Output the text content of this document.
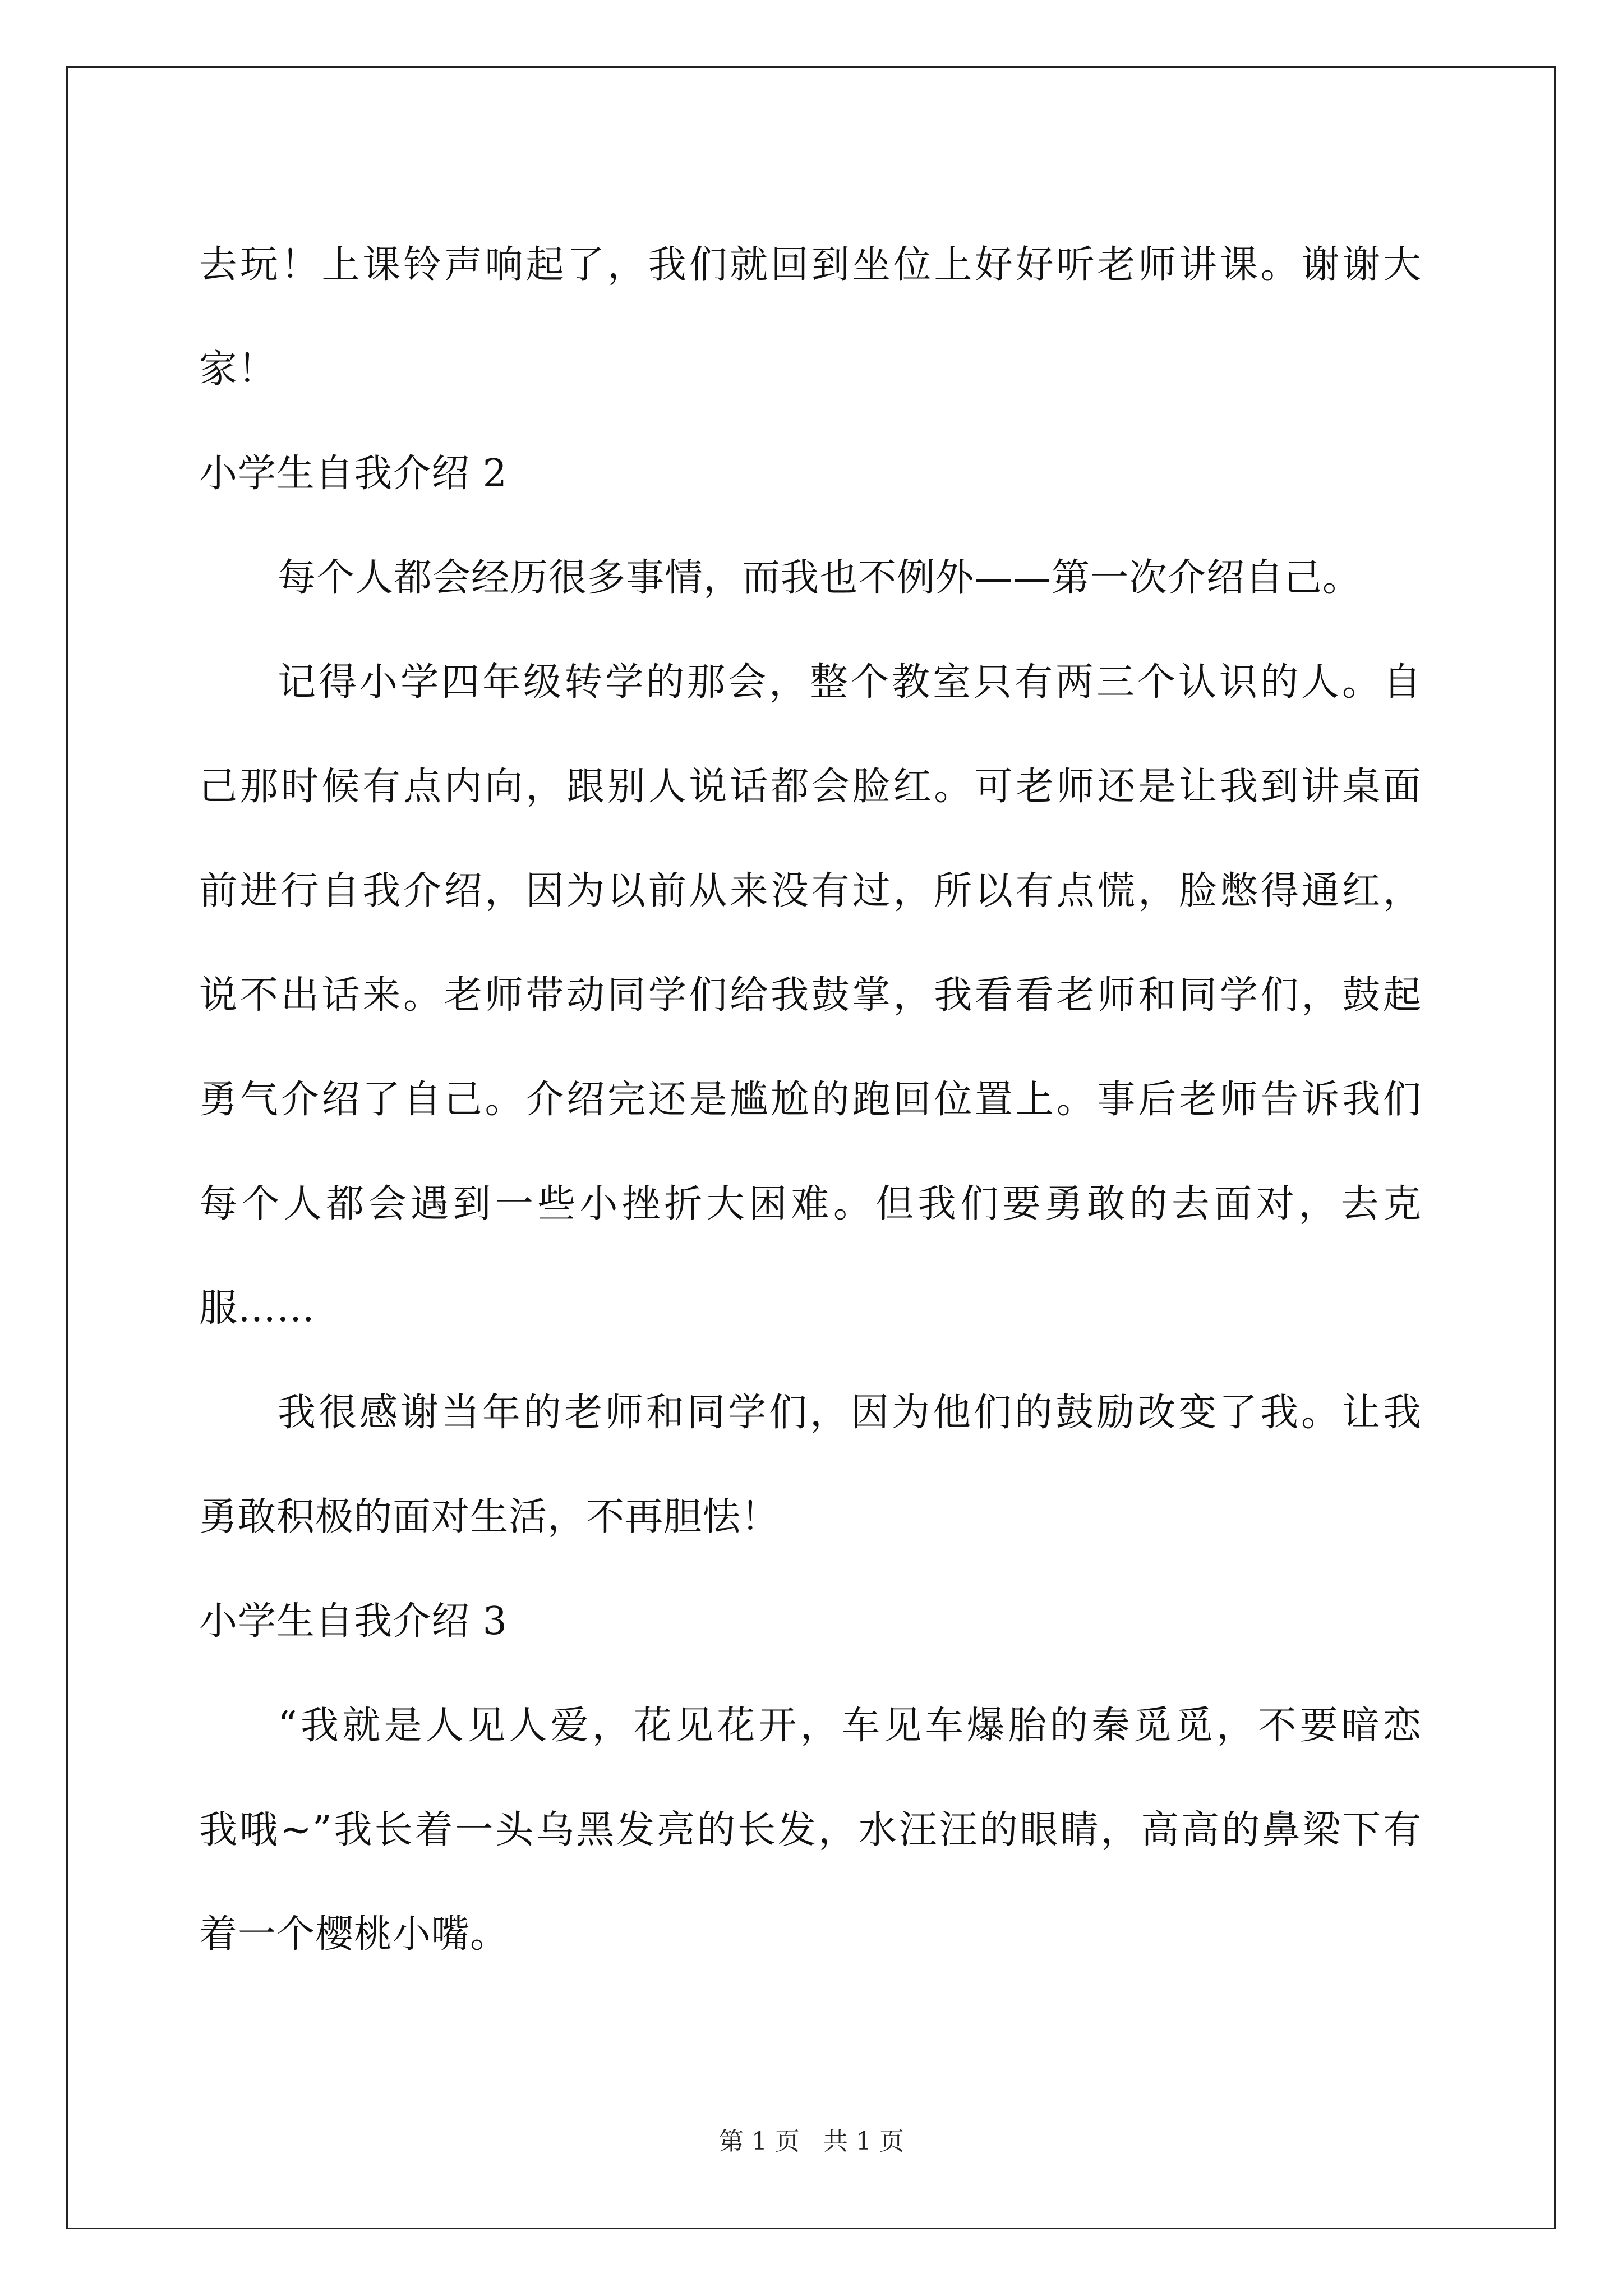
去玩！上课铃声响起了，我们就回到坐位上好好听老师讲课。谢谢大
家！
小学生自我介绍 2
每个人都会经历很多事情，而我也不例外——第一次介绍自己。
记得小学四年级转学的那会，整个教室只有两三个认识的人。自
己那时候有点内向，跟别人说话都会脸红。可老师还是让我到讲桌面
前进行自我介绍，因为以前从来没有过，所以有点慌，脸憋得通红，
说不出话来。老师带动同学们给我鼓掌，我看看老师和同学们，鼓起
勇气介绍了自己。介绍完还是尴尬的跑回位置上。事后老师告诉我们
每个人都会遇到一些小挫折大困难。但我们要勇敢的去面对，去克
服……
我很感谢当年的老师和同学们，因为他们的鼓励改变了我。让我
勇敢积极的面对生活，不再胆怯！
小学生自我介绍 3
“我就是人见人爱，花见花开，车见车爆胎的秦觅觅，不要暗恋
我哦~”我长着一头乌黑发亮的长发，水汪汪的眼睛，高高的鼻梁下有
着一个樱桃小嘴。
第 1 页   共 1 页
